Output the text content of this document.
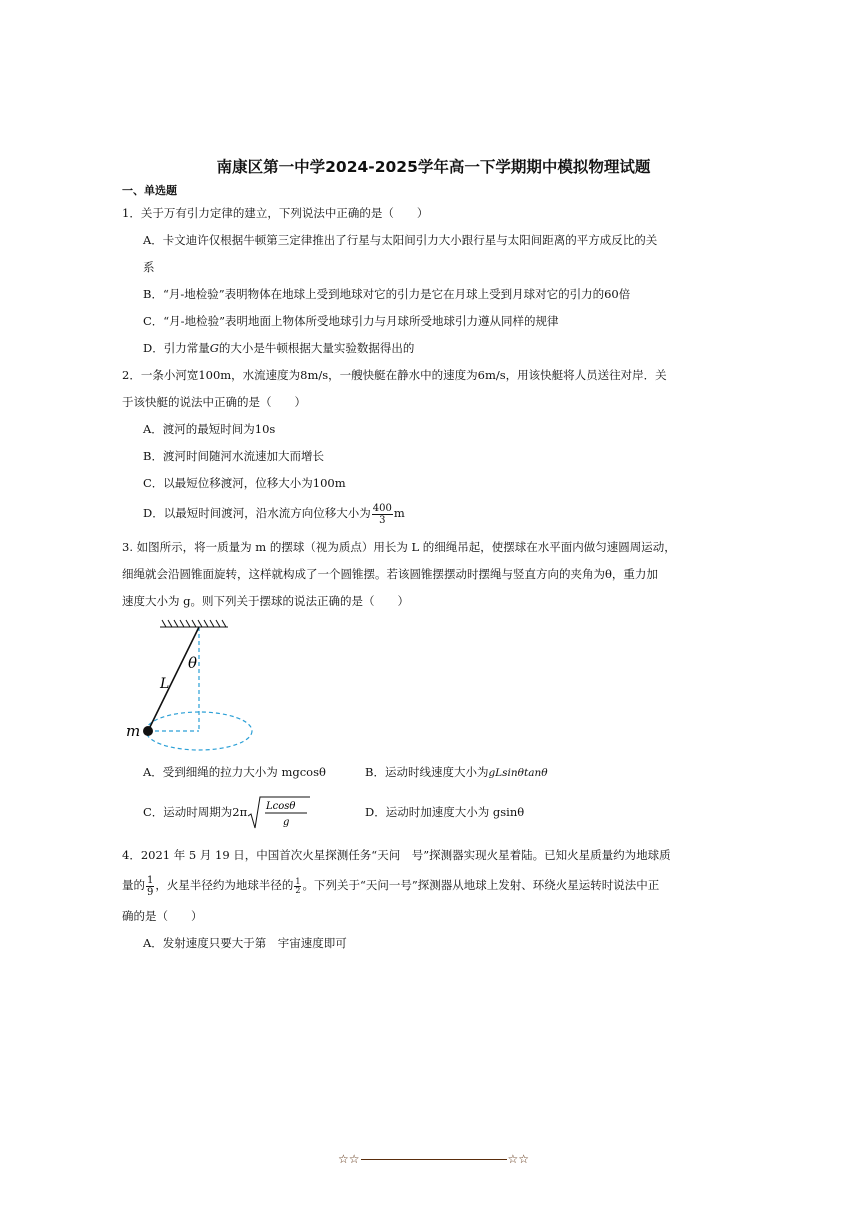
南康区第一中学2024-2025学年高一下学期期中模拟物理试题
一、单选题
1．关于万有引力定律的建立，下列说法中正确的是（　　）
A．卡文迪许仅根据牛顿第三定律推出了行星与太阳间引力大小跟行星与太阳间距离的平方成反比的关
系
B．“月-地检验”表明物体在地球上受到地球对它的引力是它在月球上受到月球对它的引力的60倍
C．“月-地检验”表明地面上物体所受地球引力与月球所受地球引力遵从同样的规律
D．引力常量G的大小是牛顿根据大量实验数据得出的
2．一条小河宽100m，水流速度为8m/s，一艘快艇在静水中的速度为6m/s，用该快艇将人员送往对岸．关
于该快艇的说法中正确的是（　　）
A．渡河的最短时间为10s
B．渡河时间随河水流速加大而增长
C．以最短位移渡河，位移大小为100m
D．以最短时间渡河，沿水流方向位移大小为 $\frac{400}{3}$ m
3. 如图所示，将一质量为 m 的摆球（视为质点）用长为 L 的细绳吊起，使摆球在水平面内做匀速圆周运动，
细绳就会沿圆锥面旋转，这样就构成了一个圆锥摆。若该圆锥摆摆动时摆绳与竖直方向的夹角为θ，重力加
速度大小为 g。则下列关于摆球的说法正确的是（　　）
θ
L
m
A．受到细绳的拉力大小为 mgcosθ	B．运动时线速度大小为gLsinθtanθ
C．运动时周期为2π Lcosθ
g
D．运动时加速度大小为 gsinθ
4．2021 年 5 月 19 日，中国首次火星探测任务“天问　号”探测器实现火星着陆。已知火星质量约为地球质
量的 $\frac{1}{9}$ ，火星半径约为地球半径的 $\frac{1}{2}$ 。下列关于“天问一号”探测器从地球上发射、环绕火星运转时说法中正
确的是（　　）
A．发射速度只要大于第　宇宙速度即可
☆☆	☆☆
